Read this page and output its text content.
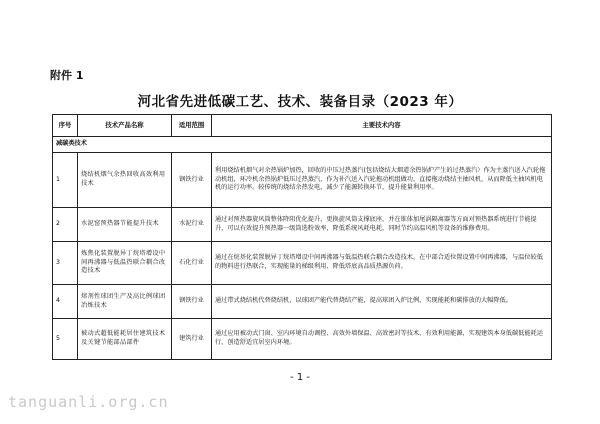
附件 1
河北省先进低碳工艺、技术、装备目录（2023 年）
序号	技术产品名称	适用范围	主要技术内容
减碳类技术			
1	烧结机烟气余热回收高效利用技术	钢铁行业	利用烧结机烟气对余热锅炉加热，回收的中压过热蒸汽(包括烧结大烟道余热锅炉产生的过热蒸汽）作为主蒸汽送入汽轮拖动机组，环冷机余热锅炉低压过热蒸汽，作为补汽送入汽轮拖动机组做功，直接拖动烧结主抽风机，从而降低主抽风机电机的运行功率。较传统的烧结余热发电，减少了能源转换环节，提升能量利用率。
2	水泥窑预热器节能提升技术	水泥行业	通过对预热器旋风筒整体降阻优化提升，更换旋风筒支撑底座，并在锥体加尾涡隔离器等方面对预热器系统进行节能提升，可以有效提升预热器一级筒选粉效率，降低系统风耗电耗，同时节约高温风机等设备的维修费用。
3	炼焦化装置脱异丁烷塔增设中间再沸器与低温热联合耦合改造技术	石化行业	通过在烷基化装置脱异丁烷塔增设中间再沸器与低温热联合耦合改造技术，在中部合适位置设置中间再沸器，与温位较低的物料进行热联合，实现能量的梯级利用、降低塔底高品质热源负荷。
4	熔剂性球团生产及高比例球团冶炼技术	钢铁行业	通过带式烧结机代替烧结机，以球团产能代替烧结产能，提高球团入炉比例，实现能耗和碳排放的大幅降低。
5	被动式超低能耗居住建筑技术及关键节能部品部件	建筑行业	通过应用被动式门窗、室内环境自动调控、高效外墙保温、高效密封等技术，有效利用能源，实现建筑本身低碳低能耗运行，创造舒适宜居室内环境。
- 1 -
tanguanli.org.cn
